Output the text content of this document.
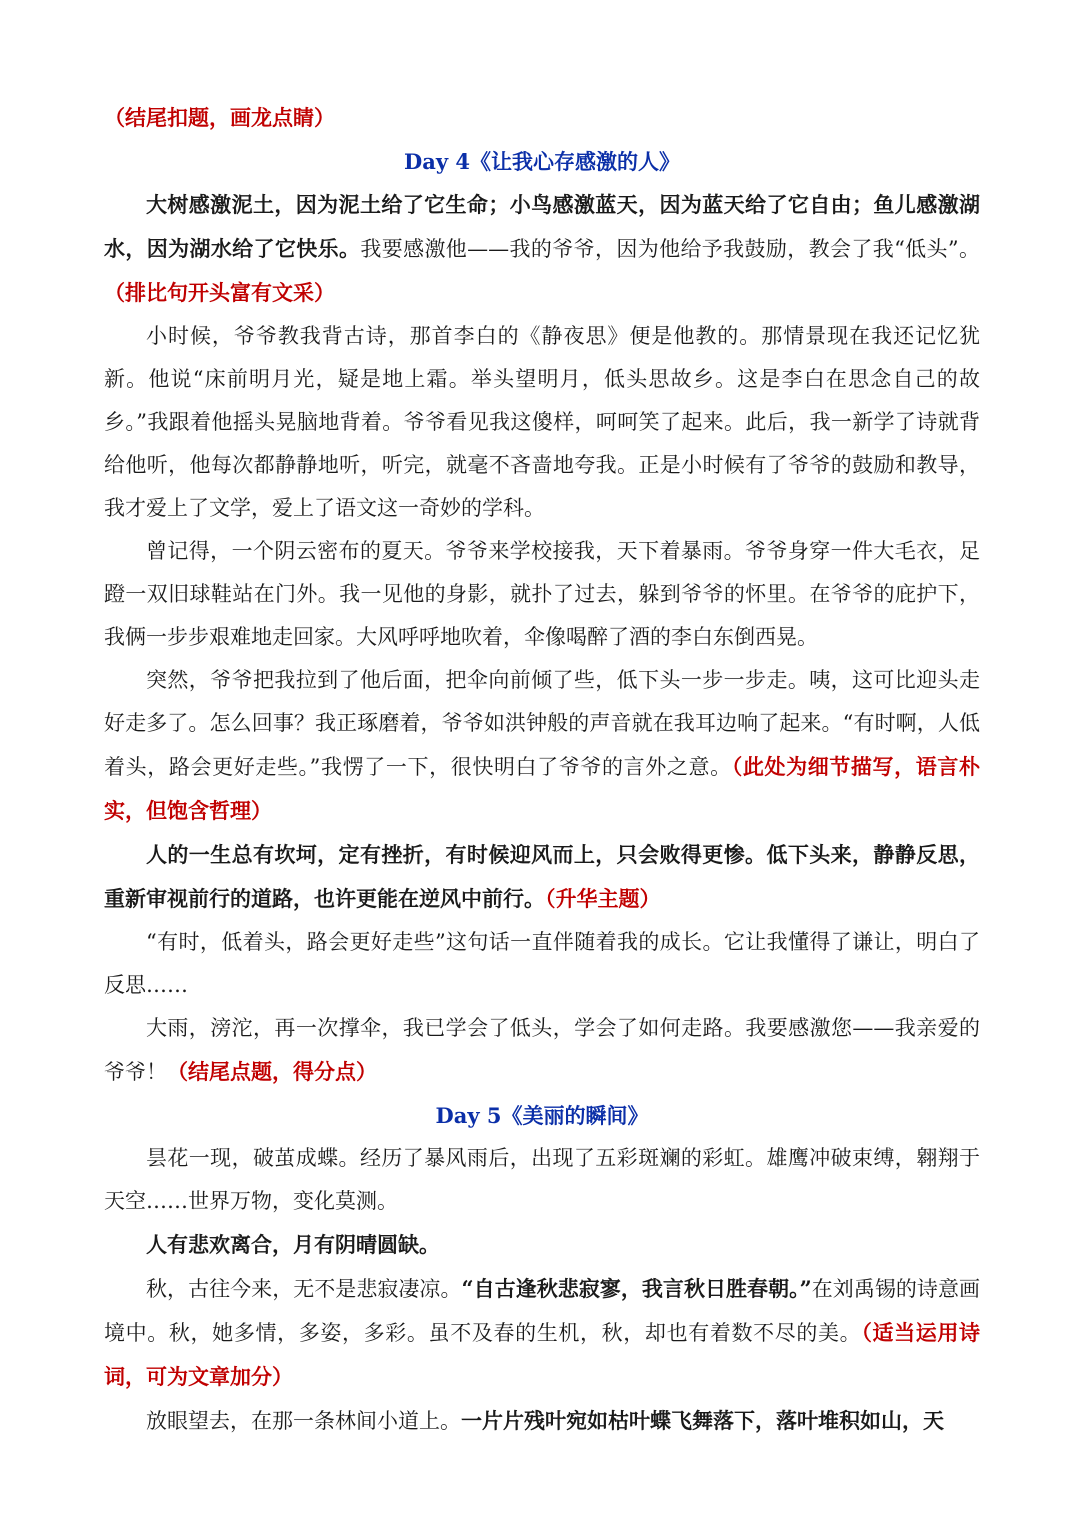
（结尾扣题，画龙点睛）

Day 4《让我心存感激的人》

大树感激泥土，因为泥土给了它生命；小鸟感激蓝天，因为蓝天给了它自由；鱼儿感激湖水，因为湖水给了它快乐。我要感激他——我的爷爷，因为他给予我鼓励，教会了我“低头”。（排比句开头富有文采）

小时候，爷爷教我背古诗，那首李白的《静夜思》便是他教的。那情景现在我还记忆犹新。他说“床前明月光，疑是地上霜。举头望明月，低头思故乡。这是李白在思念自己的故乡。”我跟着他摇头晃脑地背着。爷爷看见我这傻样，呵呵笑了起来。此后，我一新学了诗就背给他听，他每次都静静地听，听完，就毫不吝啬地夸我。正是小时候有了爷爷的鼓励和教导，我才爱上了文学，爱上了语文这一奇妙的学科。

曾记得，一个阴云密布的夏天。爷爷来学校接我，天下着暴雨。爷爷身穿一件大毛衣，足蹬一双旧球鞋站在门外。我一见他的身影，就扑了过去，躲到爷爷的怀里。在爷爷的庇护下，我俩一步步艰难地走回家。大风呼呼地吹着，伞像喝醉了酒的李白东倒西晃。

突然，爷爷把我拉到了他后面，把伞向前倾了些，低下头一步一步走。咦，这可比迎头走好走多了。怎么回事？我正琢磨着，爷爷如洪钟般的声音就在我耳边响了起来。“有时啊，人低着头，路会更好走些。”我愣了一下，很快明白了爷爷的言外之意。（此处为细节描写，语言朴实，但饱含哲理）

人的一生总有坎坷，定有挫折，有时候迎风而上，只会败得更惨。低下头来，静静反思，重新审视前行的道路，也许更能在逆风中前行。（升华主题）

“有时，低着头，路会更好走些”这句话一直伴随着我的成长。它让我懂得了谦让，明白了反思……

大雨，滂沱，再一次撑伞，我已学会了低头，学会了如何走路。我要感激您——我亲爱的爷爷！（结尾点题，得分点）

Day 5《美丽的瞬间》

昙花一现，破茧成蝶。经历了暴风雨后，出现了五彩斑斓的彩虹。雄鹰冲破束缚，翱翔于天空……世界万物，变化莫测。

人有悲欢离合，月有阴晴圆缺。

秋，古往今来，无不是悲寂凄凉。“自古逢秋悲寂寥，我言秋日胜春朝。”在刘禹锡的诗意画境中。秋，她多情，多姿，多彩。虽不及春的生机，秋，却也有着数不尽的美。（适当运用诗词，可为文章加分）

放眼望去，在那一条林间小道上。一片片残叶宛如枯叶蝶飞舞落下，落叶堆积如山，天
